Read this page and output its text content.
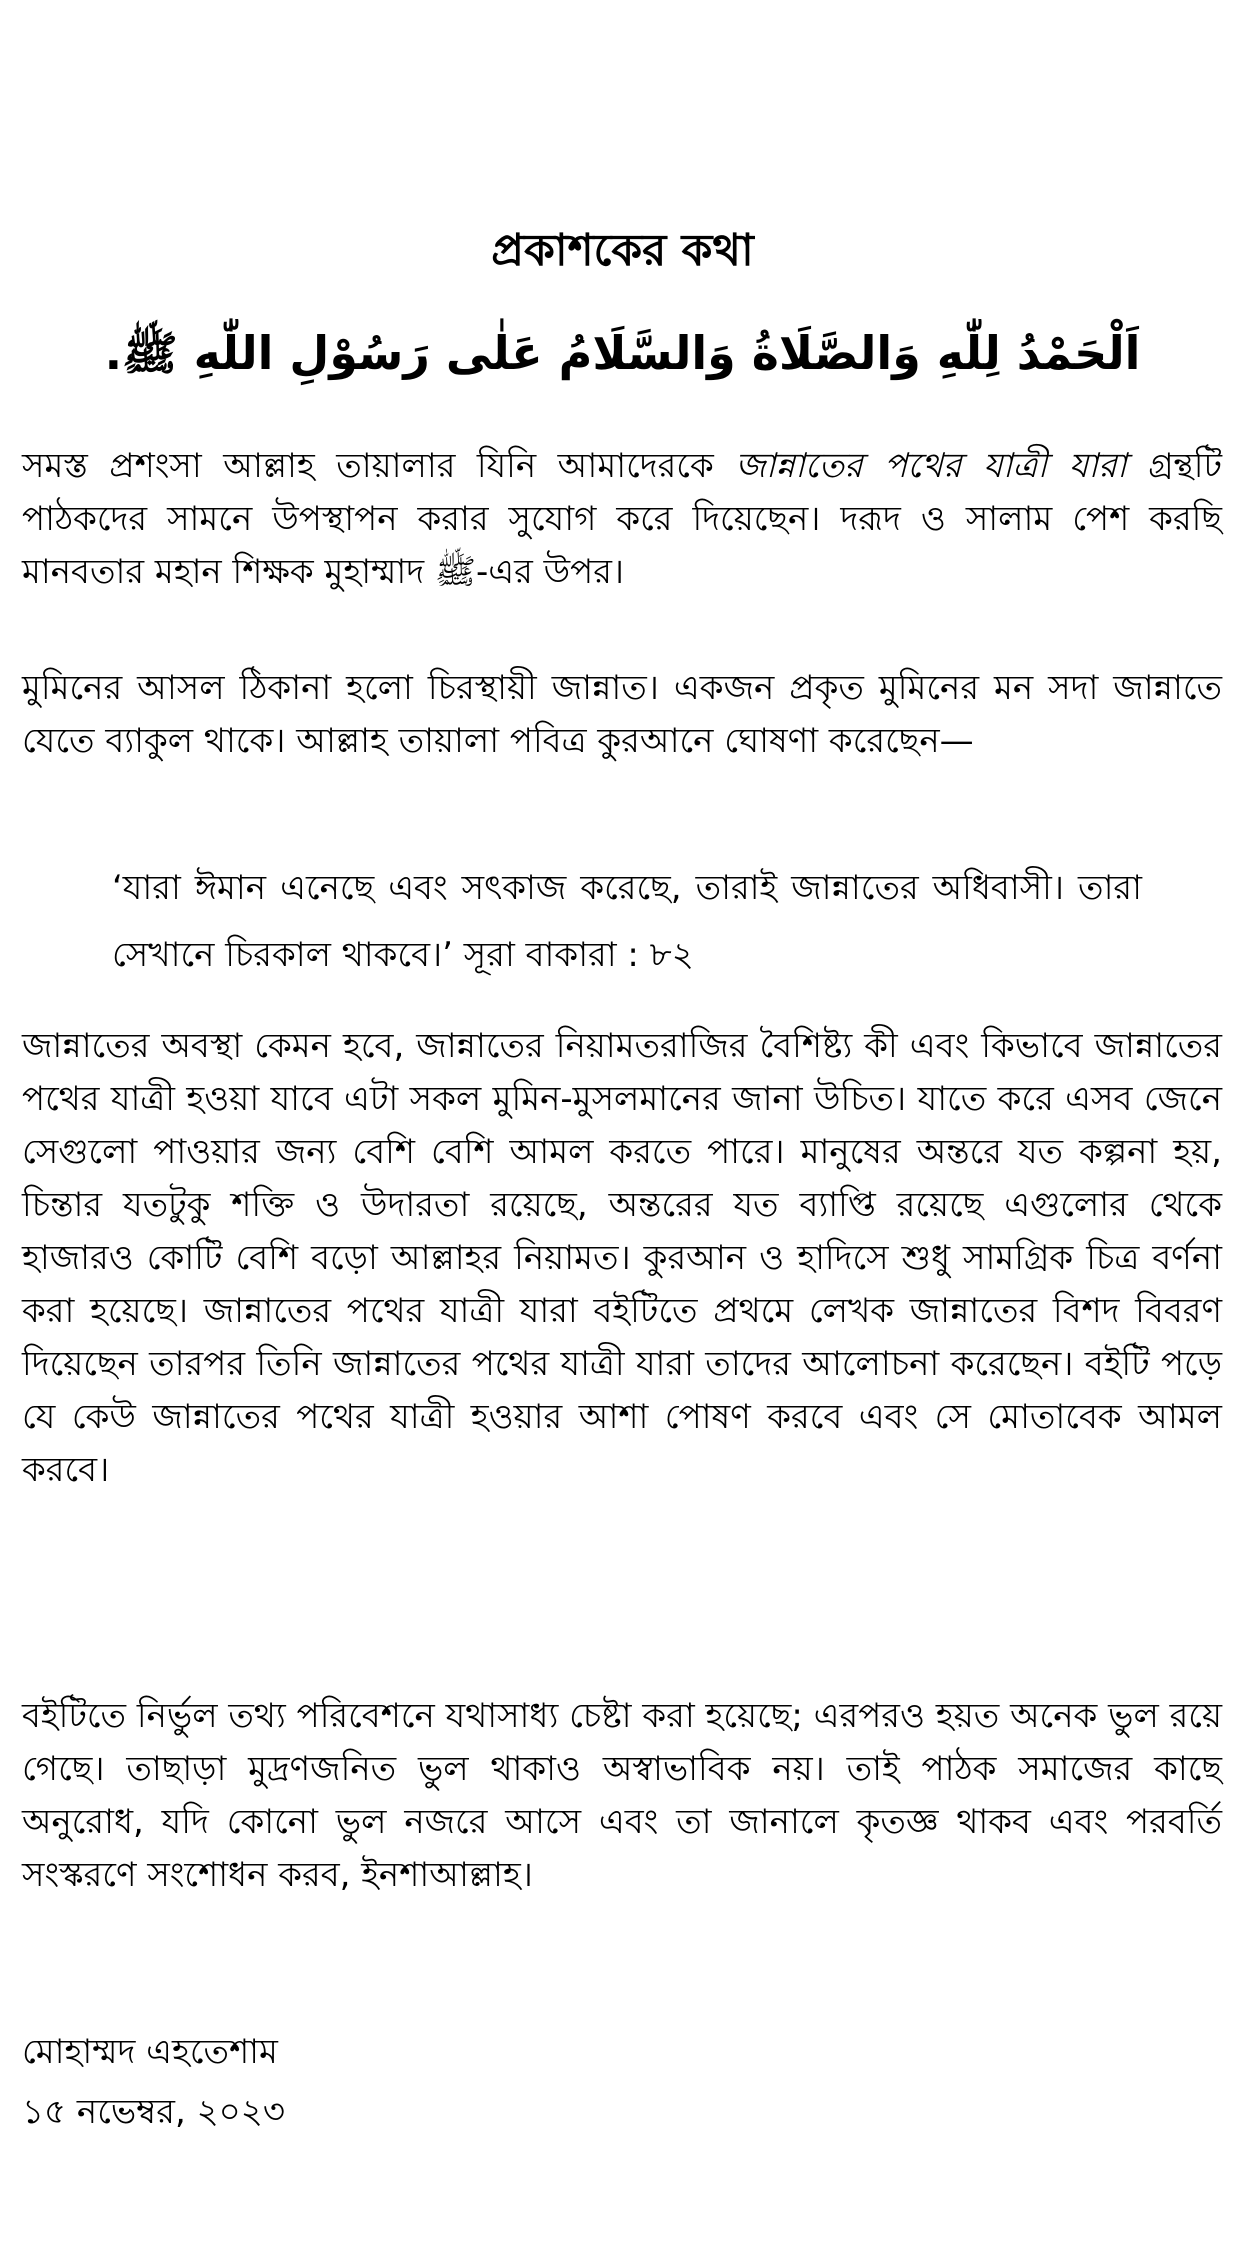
প্রকাশকের কথা
اَلْحَمْدُ لِلّٰهِ وَالصَّلَاةُ وَالسَّلَامُ عَلٰى رَسُوْلِ اللّٰهِ ﷺ.

সমস্ত প্রশংসা আল্লাহ তায়ালার যিনি আমাদেরকে জান্নাতের পথের যাত্রী যারা গ্রন্থটি পাঠকদের সামনে উপস্থাপন করার সুযোগ করে দিয়েছেন। দরূদ ও সালাম পেশ করছি মানবতার মহান শিক্ষক মুহাম্মাদ ﷺ-এর উপর।

মুমিনের আসল ঠিকানা হলো চিরস্থায়ী জান্নাত। একজন প্রকৃত মুমিনের মন সদা জান্নাতে যেতে ব্যাকুল থাকে। আল্লাহ তায়ালা পবিত্র কুরআনে ঘোষণা করেছেন—

‘যারা ঈমান এনেছে এবং সৎকাজ করেছে, তারাই জান্নাতের অধিবাসী। তারা সেখানে চিরকাল থাকবে।’ সূরা বাকারা : ৮২

জান্নাতের অবস্থা কেমন হবে, জান্নাতের নিয়ামতরাজির বৈশিষ্ট্য কী এবং কিভাবে জান্নাতের পথের যাত্রী হওয়া যাবে এটা সকল মুমিন-মুসলমানের জানা উচিত। যাতে করে এসব জেনে সেগুলো পাওয়ার জন্য বেশি বেশি আমল করতে পারে। মানুষের অন্তরে যত কল্পনা হয়, চিন্তার যতটুকু শক্তি ও উদারতা রয়েছে, অন্তরের যত ব্যাপ্তি রয়েছে এগুলোর থেকে হাজারও কোটি বেশি বড়ো আল্লাহর নিয়ামত। কুরআন ও হাদিসে শুধু সামগ্রিক চিত্র বর্ণনা করা হয়েছে। জান্নাতের পথের যাত্রী যারা বইটিতে প্রথমে লেখক জান্নাতের বিশদ বিবরণ দিয়েছেন তারপর তিনি জান্নাতের পথের যাত্রী যারা তাদের আলোচনা করেছেন। বইটি পড়ে যে কেউ জান্নাতের পথের যাত্রী হওয়ার আশা পোষণ করবে এবং সে মোতাবেক আমল করবে।

বইটিতে নির্ভুল তথ্য পরিবেশনে যথাসাধ্য চেষ্টা করা হয়েছে; এরপরও হয়ত অনেক ভুল রয়ে গেছে। তাছাড়া মুদ্রণজনিত ভুল থাকাও অস্বাভাবিক নয়। তাই পাঠক সমাজের কাছে অনুরোধ, যদি কোনো ভুল নজরে আসে এবং তা জানালে কৃতজ্ঞ থাকব এবং পরবর্তি সংস্করণে সংশোধন করব, ইনশাআল্লাহ।

মোহাম্মদ এহতেশাম

১৫ নভেম্বর, ২০২৩
